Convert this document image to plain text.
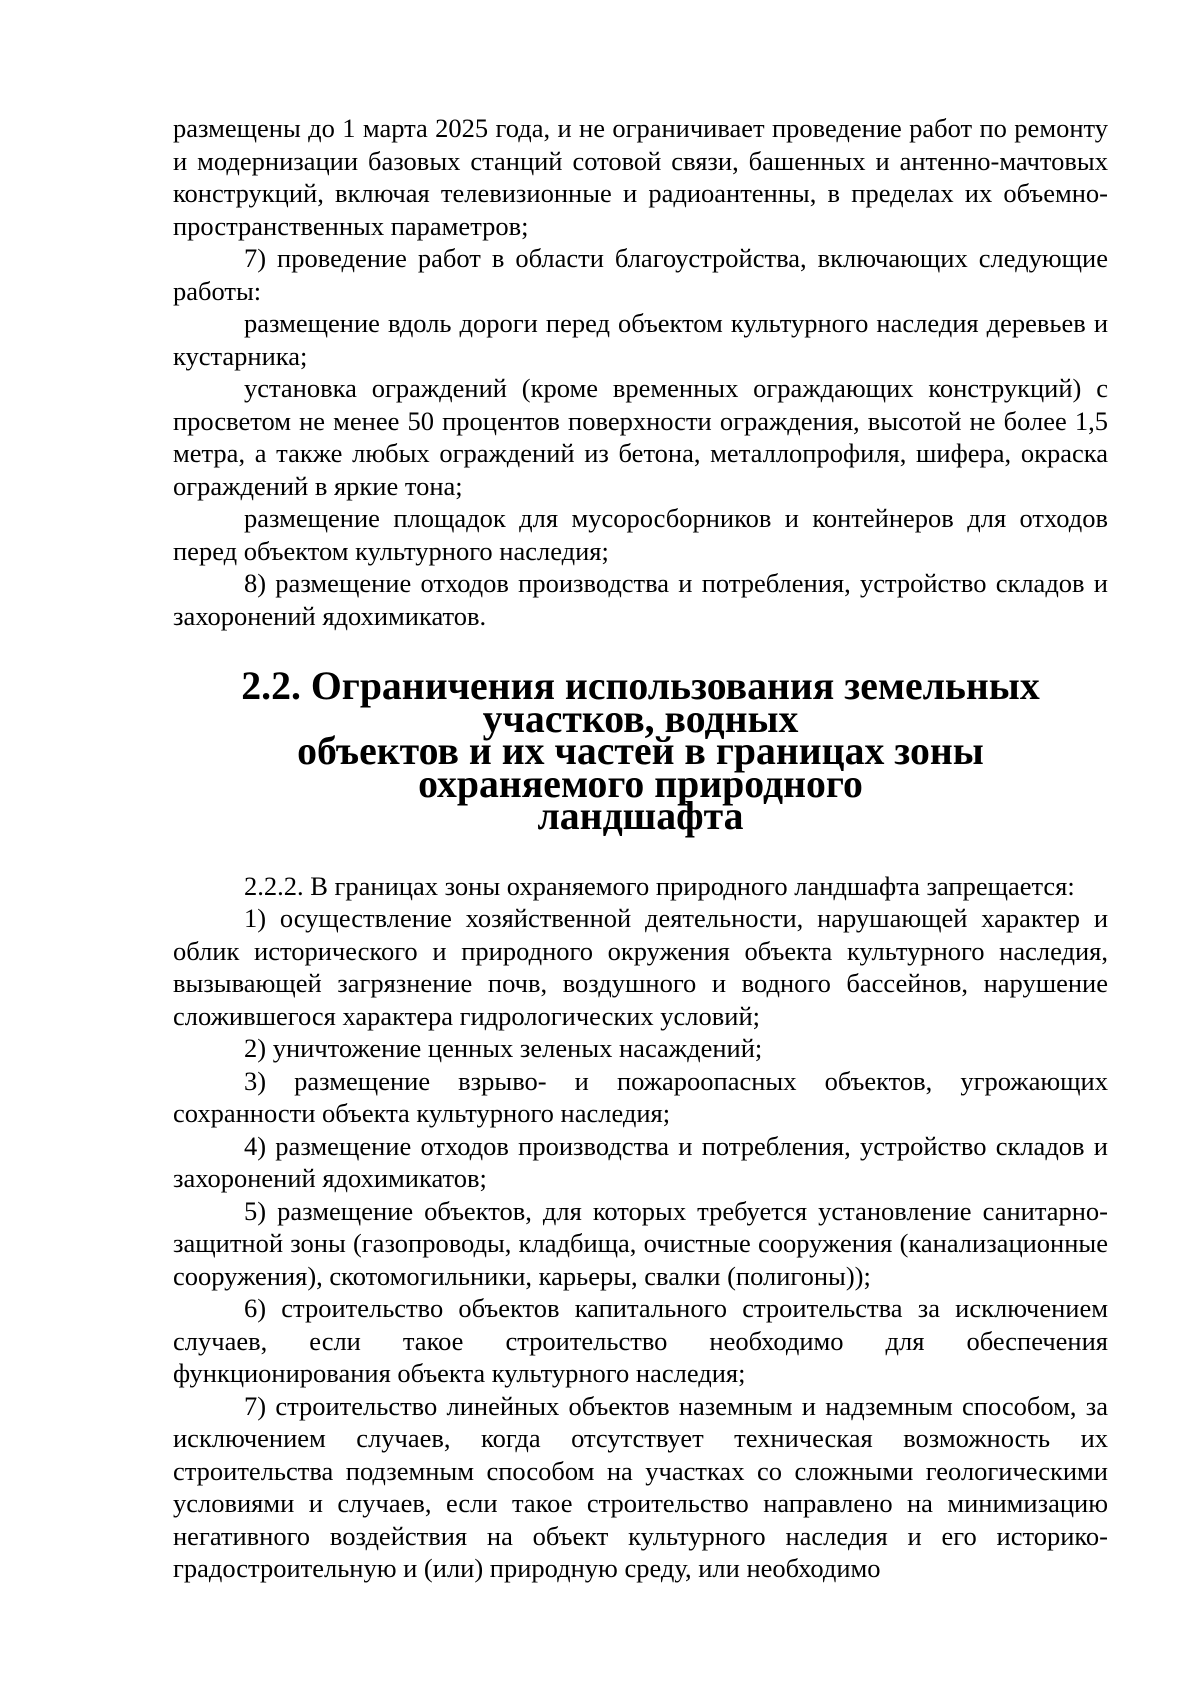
размещены до 1 марта 2025 года, и не ограничивает проведение работ по ремонту и модернизации базовых станций сотовой связи, башенных и антенно-мачтовых конструкций, включая телевизионные и радиоантенны, в пределах их объемно-пространственных параметров;

7) проведение работ в области благоустройства, включающих следующие работы:

размещение вдоль дороги перед объектом культурного наследия деревьев и кустарника;

установка ограждений (кроме временных ограждающих конструкций) с просветом не менее 50 процентов поверхности ограждения, высотой не более 1,5 метра, а также любых ограждений из бетона, металлопрофиля, шифера, окраска ограждений в яркие тона;

размещение площадок для мусоросборников и контейнеров для отходов перед объектом культурного наследия;

8) размещение отходов производства и потребления, устройство складов и захоронений ядохимикатов.

2.2. Ограничения использования земельных участков, водных
объектов и их частей в границах зоны охраняемого природного
ландшафта

2.2.2. В границах зоны охраняемого природного ландшафта запрещается:

1) осуществление хозяйственной деятельности, нарушающей характер и облик исторического и природного окружения объекта культурного наследия, вызывающей загрязнение почв, воздушного и водного бассейнов, нарушение сложившегося характера гидрологических условий;

2) уничтожение ценных зеленых насаждений;

3) размещение взрыво- и пожароопасных объектов, угрожающих сохранности объекта культурного наследия;

4) размещение отходов производства и потребления, устройство складов и захоронений ядохимикатов;

5) размещение объектов, для которых требуется установление санитарно-защитной зоны (газопроводы, кладбища, очистные сооружения (канализационные сооружения), скотомогильники, карьеры, свалки (полигоны));

6) строительство объектов капитального строительства за исключением случаев, если такое строительство необходимо для обеспечения функционирования объекта культурного наследия;

7) строительство линейных объектов наземным и надземным способом, за исключением случаев, когда отсутствует техническая возможность их строительства подземным способом на участках со сложными геологическими условиями и случаев, если такое строительство направлено на минимизацию негативного воздействия на объект культурного наследия и его историко-градостроительную и (или) природную среду, или необходимо
